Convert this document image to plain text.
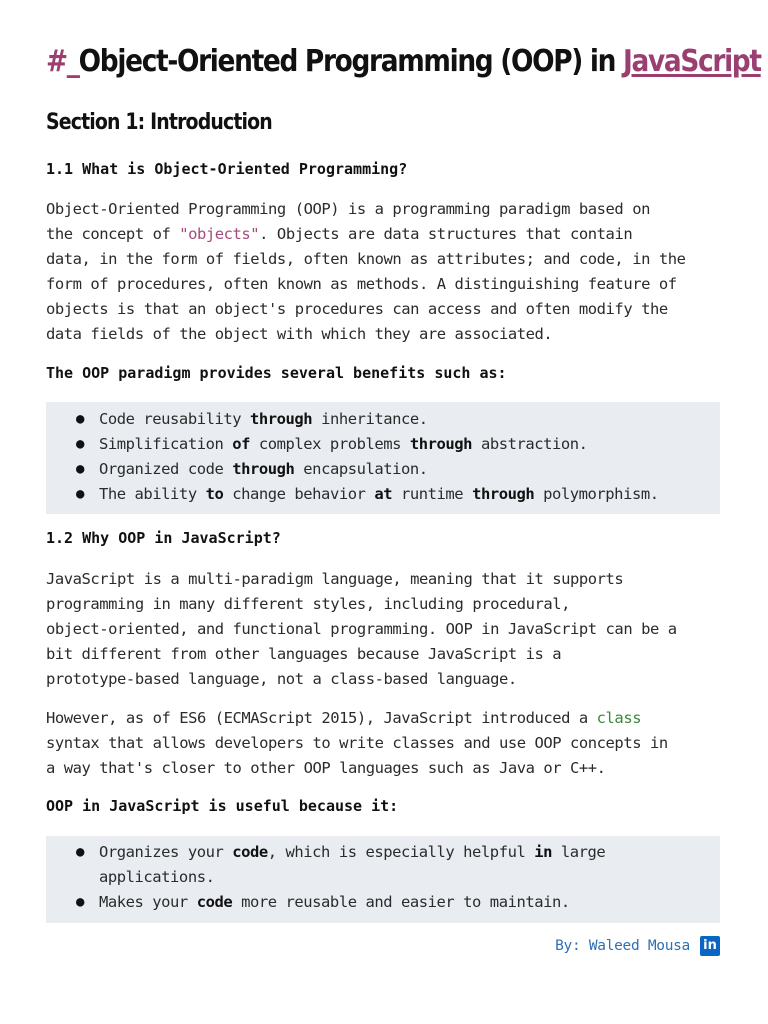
#_Object-Oriented Programming (OOP) in JavaScript
Section 1: Introduction
1.1 What is Object-Oriented Programming?

Object-Oriented Programming (OOP) is a programming paradigm based on
the concept of "objects". Objects are data structures that contain
data, in the form of fields, often known as attributes; and code, in the
form of procedures, often known as methods. A distinguishing feature of
objects is that an object's procedures can access and often modify the
data fields of the object with which they are associated.

The OOP paradigm provides several benefits such as:

● Code reusability through inheritance.
● Simplification of complex problems through abstraction.
● Organized code through encapsulation.
● The ability to change behavior at runtime through polymorphism.
1.2 Why OOP in JavaScript?

JavaScript is a multi-paradigm language, meaning that it supports
programming in many different styles, including procedural,
object-oriented, and functional programming. OOP in JavaScript can be a
bit different from other languages because JavaScript is a
prototype-based language, not a class-based language.

However, as of ES6 (ECMAScript 2015), JavaScript introduced a class
syntax that allows developers to write classes and use OOP concepts in
a way that's closer to other OOP languages such as Java or C++.

OOP in JavaScript is useful because it:

● Organizes your code, which is especially helpful in large
applications.
● Makes your code more reusable and easier to maintain.
By: Waleed Mousa in
